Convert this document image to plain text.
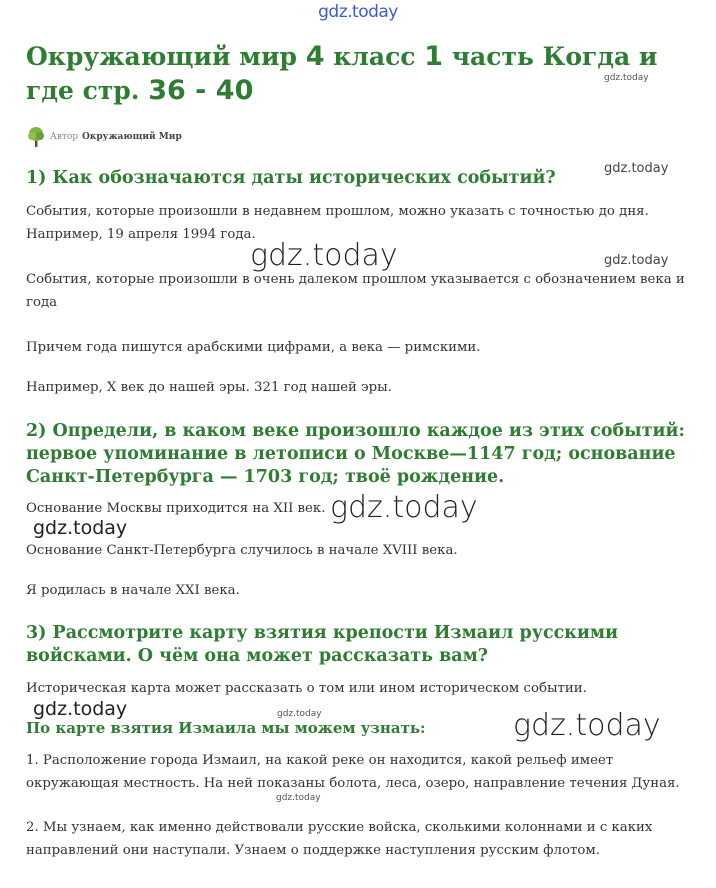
gdz.today
Окружающий мир 4 класс 1 часть Когда и где стр. 36 - 40
Автор Окружающий Мир
1) Как обозначаются даты исторических событий?

События, которые произошли в недавнем прошлом, можно указать с точностью до дня. Например, 19 апреля 1994 года.

События, которые произошли в очень далеком прошлом указывается с обозначением века и года

Причем года пишутся арабскими цифрами, а века — римскими.

Например, X век до нашей эры. 321 год нашей эры.

2) Определи, в каком веке произошло каждое из этих событий: первое упоминание в летописи о Москве—1147 год; основание Санкт-Петербурга — 1703 год; твоё рождение.

Основание Москвы приходится на XII век.

Основание Санкт-Петербурга случилось в начале XVIII века.

Я родилась в начале XXI века.

3) Рассмотрите карту взятия крепости Измаил русскими войсками. О чём она может рассказать вам?

Историческая карта может рассказать о том или ином историческом событии.

По карте взятия Измаила мы можем узнать:

1. Расположение города Измаил, на какой реке он находится, какой рельеф имеет окружающая местность. На ней показаны болота, леса, озеро, направление течения Дуная.

2. Мы узнаем, как именно действовали русские войска, сколькими колоннами и с каких направлений они наступали. Узнаем о поддержке наступления русским флотом.

gdz.today
gdz.today
gdz.today	gdz.today
gdz.today
gdz.today
gdz.today	gdz.today	gdz.today
gdz.today
